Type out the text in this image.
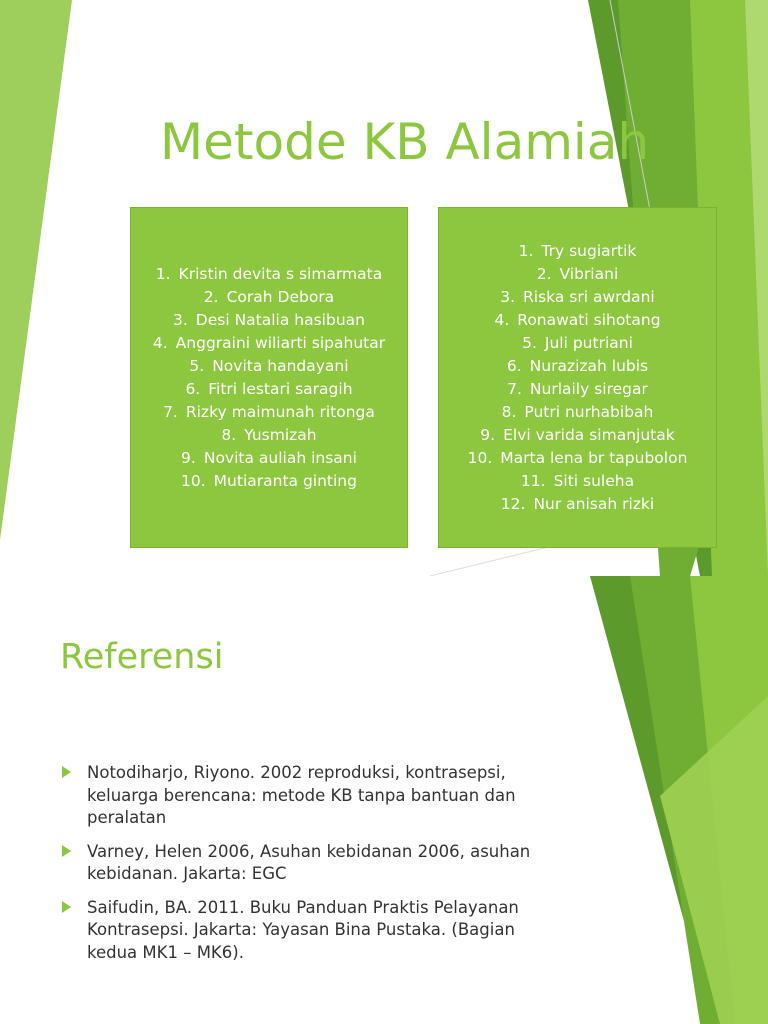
Metode KB Alamiah
1. Kristin devita s simarmata
2. Corah Debora
3. Desi Natalia hasibuan
4. Anggraini wiliarti sipahutar
5. Novita handayani
6. Fitri lestari saragih
7. Rizky maimunah ritonga
8. Yusmizah
9. Novita auliah insani
10. Mutiaranta ginting
1. Try sugiartik
2. Vibriani
3. Riska sri awrdani
4. Ronawati sihotang
5. Juli putriani
6. Nurazizah lubis
7. Nurlaily siregar
8. Putri nurhabibah
9. Elvi varida simanjutak
10. Marta lena br tapubolon
11. Siti suleha
12. Nur anisah rizki
Referensi
Notodiharjo, Riyono. 2002 reproduksi, kontrasepsi, keluarga berencana: metode KB tanpa bantuan dan peralatan
Varney, Helen 2006, Asuhan kebidanan 2006, asuhan kebidanan. Jakarta: EGC
Saifudin, BA. 2011. Buku Panduan Praktis Pelayanan Kontrasepsi. Jakarta: Yayasan Bina Pustaka. (Bagian kedua MK1 – MK6).
